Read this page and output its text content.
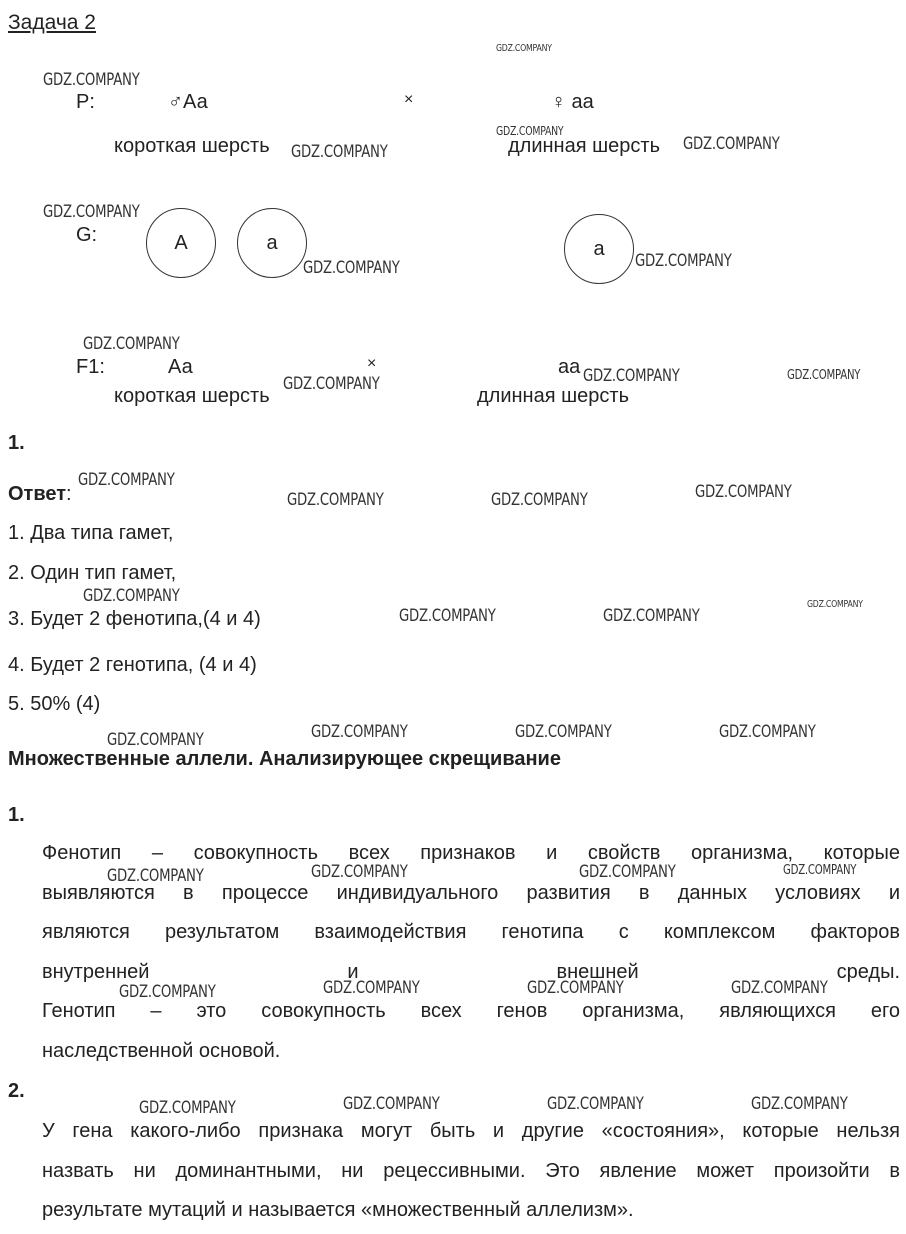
Задача 2
P:	♂Аа	×	♀ аа
короткая шерсть	длинная шерсть
G:	А	а	а
F1:	Аа	×	аа
короткая шерсть	длинная шерсть
1.
Ответ:
1. Два типа гамет,
2. Один тип гамет,
3. Будет 2 фенотипа,(4 и 4)
4. Будет 2 генотипа, (4 и 4)
5. 50% (4)
Множественные аллели. Анализирующее скрещивание
1.
Фенотип – совокупность всех признаков и свойств организма, которые
выявляются в процессе индивидуального развития в данных условиях и
являются результатом взаимодействия генотипа с комплексом факторов
внутренней и внешней среды.
Генотип – это совокупность всех генов организма, являющихся его
наследственной основой.
2.
У гена какого-либо признака могут быть и другие «состояния», которые нельзя
назвать ни доминантными, ни рецессивными. Это явление может произойти в
результате мутаций и называется «множественный аллелизм».
GDZ.COMPANY
GDZ.COMPANY
GDZ.COMPANY
GDZ.COMPANY	GDZ.COMPANY
GDZ.COMPANY
GDZ.COMPANY	GDZ.COMPANY
GDZ.COMPANY
GDZ.COMPANY	GDZ.COMPANY	GDZ.COMPANY
GDZ.COMPANY
GDZ.COMPANY	GDZ.COMPANY	GDZ.COMPANY
GDZ.COMPANY
GDZ.COMPANY	GDZ.COMPANY
GDZ.COMPANY
GDZ.COMPANY	GDZ.COMPANY	GDZ.COMPANY
GDZ.COMPANY
GDZ.COMPANY	GDZ.COMPANY	GDZ.COMPANY	GDZ.COMPANY
GDZ.COMPANY	GDZ.COMPANY	GDZ.COMPANY	GDZ.COMPANY
GDZ.COMPANY	GDZ.COMPANY	GDZ.COMPANY	GDZ.COMPANY
